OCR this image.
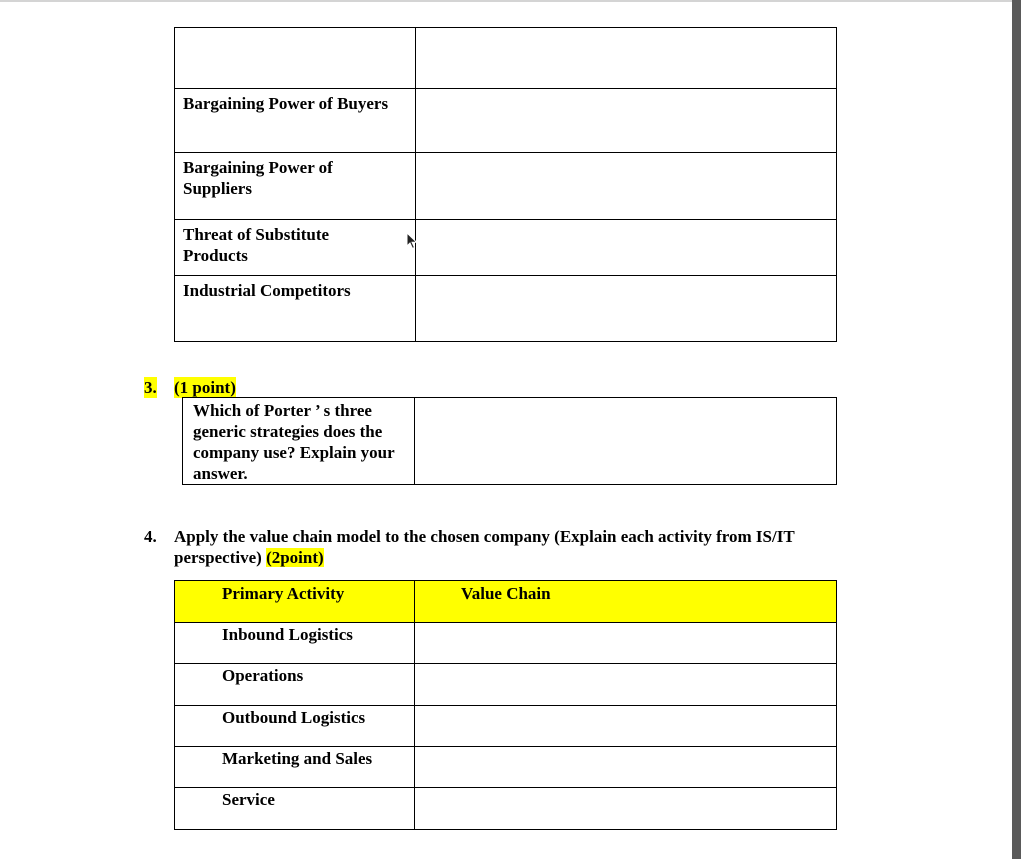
Bargaining Power of Buyers	

Bargaining Power of Suppliers	

Threat of Substitute Products	

Industrial Competitors	

3. (1 point)
Which of Porter ’ s three generic strategies does the company use? Explain your answer.

4. Apply the value chain model to the chosen company (Explain each activity from IS/IT perspective) (2point)
Primary Activity	Value Chain

Inbound Logistics	

Operations	

Outbound Logistics	

Marketing and Sales	

Service	
